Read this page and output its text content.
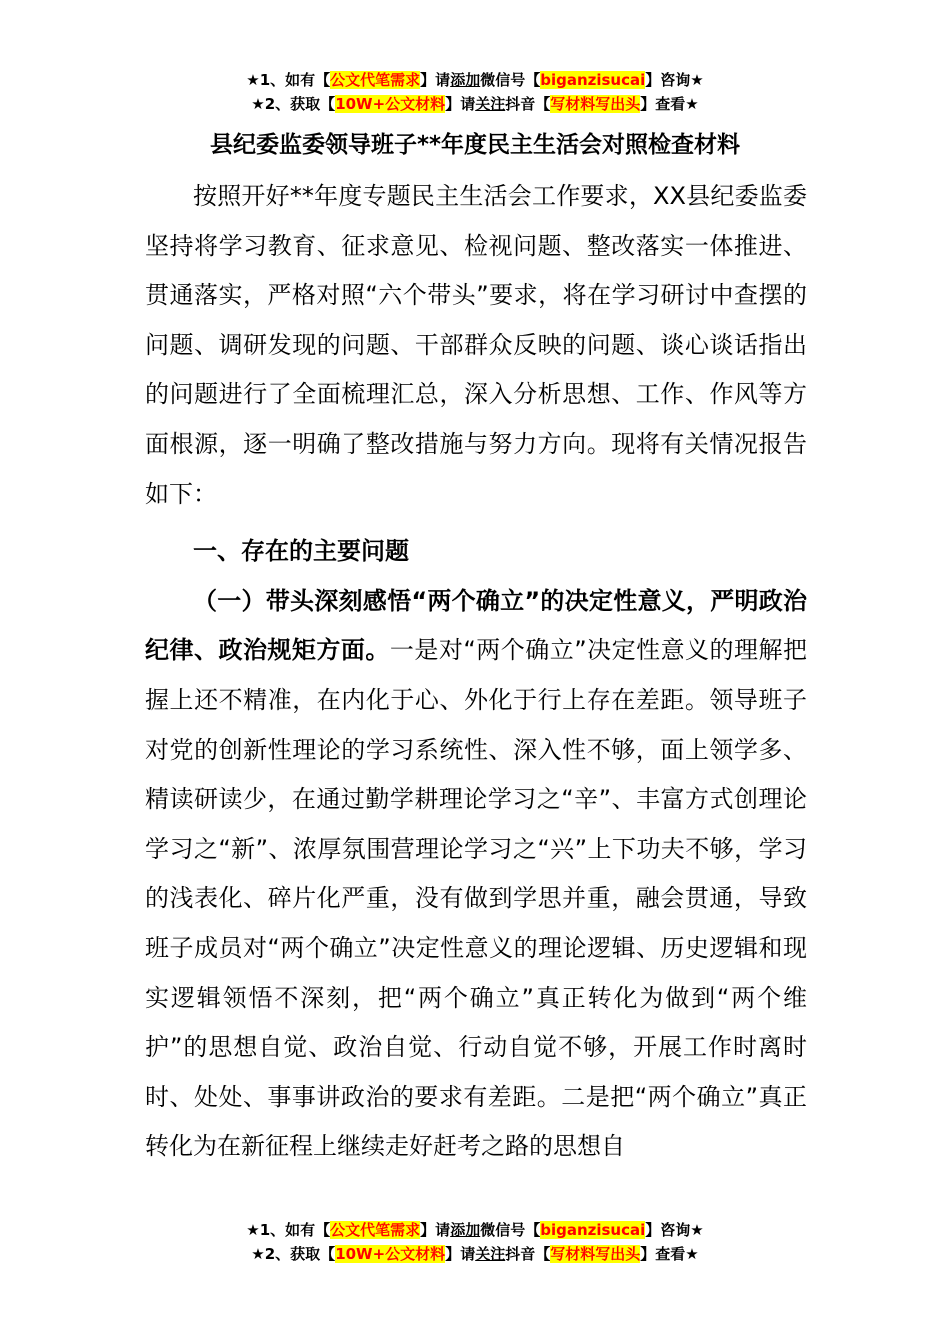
★1、如有【公文代笔需求】请添加微信号【biganzisucai】咨询★
★2、获取【10W+公文材料】请关注抖音【写材料写出头】查看★
县纪委监委领导班子**年度民主生活会对照检查材料

按照开好**年度专题民主生活会工作要求，XX县纪委监委坚持将学习教育、征求意见、检视问题、整改落实一体推进、贯通落实，严格对照“六个带头”要求，将在学习研讨中查摆的问题、调研发现的问题、干部群众反映的问题、谈心谈话指出的问题进行了全面梳理汇总，深入分析思想、工作、作风等方面根源，逐一明确了整改措施与努力方向。现将有关情况报告如下：

一、存在的主要问题

（一）带头深刻感悟“两个确立”的决定性意义，严明政治纪律、政治规矩方面。一是对“两个确立”决定性意义的理解把握上还不精准，在内化于心、外化于行上存在差距。领导班子对党的创新性理论的学习系统性、深入性不够，面上领学多、精读研读少，在通过勤学耕理论学习之“辛”、丰富方式创理论学习之“新”、浓厚氛围营理论学习之“兴”上下功夫不够，学习的浅表化、碎片化严重，没有做到学思并重，融会贯通，导致班子成员对“两个确立”决定性意义的理论逻辑、历史逻辑和现实逻辑领悟不深刻，把“两个确立”真正转化为做到“两个维护”的思想自觉、政治自觉、行动自觉不够，开展工作时离时时、处处、事事讲政治的要求有差距。二是把“两个确立”真正转化为在新征程上继续走好赶考之路的思想自

★1、如有【公文代笔需求】请添加微信号【biganzisucai】咨询★
★2、获取【10W+公文材料】请关注抖音【写材料写出头】查看★
